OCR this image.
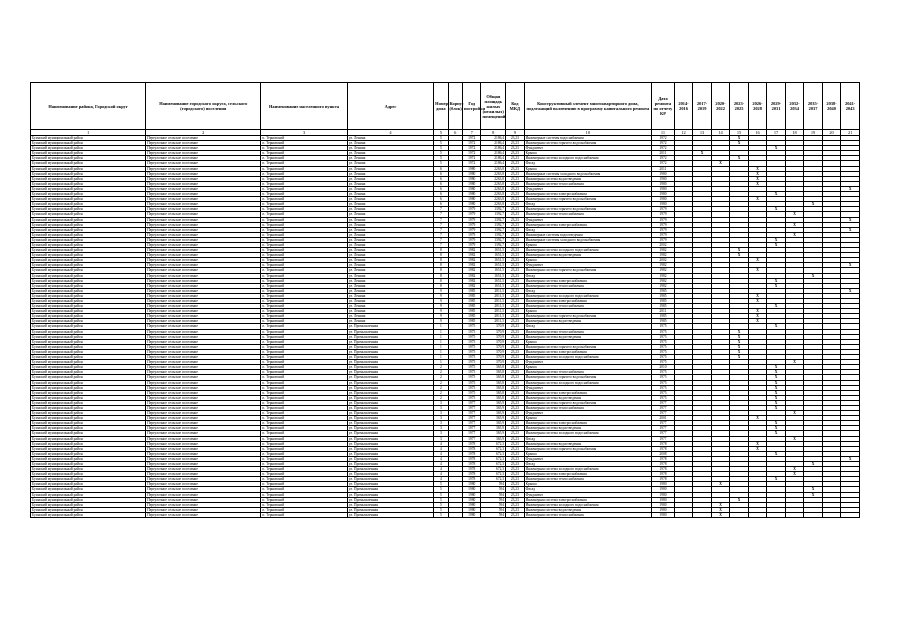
Наименование района, Городской округ	Наименование городского округа, сельского (городского) поселения	Наименование населенного пункта	Адрес	Номер дома	Корпус (блок)	Год постройки	Общая площадь жилых (нежилых) помещений	Код МКД	Конструктивный элемент многоквартирного дома, подлежащий включению в программу капитального ремонта	Дата ремонта по отчету КР	2014-2016	2017-2019	2020-2022	2023-2025	2026-2028	2029-2031	2032-2034	2035-2037	2038-2040	2041-2043
1	2	3	4	5	6	7	8	9	10	11	12	13	14	15	16	17	18	19	20	21
Буинский муниципальный район	Переулочное сельское поселение	п. Терновский	ул. Ленина	5		1972	2186,4	23,23	Инженерные системы водоснабжения	1972				X						
Буинский муниципальный район	Переулочное сельское поселение	п. Терновский	ул. Ленина	5		1972	2186,4	23,23	Инженерная система горячего водоснабжения	1972				X						
Буинский муниципальный район	Переулочное сельское поселение	п. Терновский	ул. Ленина	5		1972	2186,4	23,23	Фундамент	1972						X				
Буинский муниципальный район	Переулочное сельское поселение	п. Терновский	ул. Ленина	5		1972	2186,4	23,23	Крыша	2011		X								
Буинский муниципальный район	Переулочное сельское поселение	п. Терновский	ул. Ленина	5		1972	2186,4	23,23	Инженерная система холодного водоснабжения	1972				X						
Буинский муниципальный район	Переулочное сельское поселение	п. Терновский	ул. Ленина	5		1972	2186,4	23,23	Фасад	1972			X							
Буинский муниципальный район	Переулочное сельское поселение	п. Терновский	ул. Ленина	6		1980	2263,8	23,23	Крыша	2011					X					
Буинский муниципальный район	Переулочное сельское поселение	п. Терновский	ул. Ленина	6		1980	2263,8	23,23	Инженерные системы холодного водоснабжения	1980					X					
Буинский муниципальный район	Переулочное сельское поселение	п. Терновский	ул. Ленина	6		1980	2263,8	23,23	Инженерная система водоотведения	1980					X					
Буинский муниципальный район	Переулочное сельское поселение	п. Терновский	ул. Ленина	6		1980	2263,8	23,23	Инженерная система теплоснабжения	1980					X					
Буинский муниципальный район	Переулочное сельское поселение	п. Терновский	ул. Ленина	6		1980	2263,8	23,23	Фундамент	1980										X
Буинский муниципальный район	Переулочное сельское поселение	п. Терновский	ул. Ленина	6		1980	2263,8	23,23	Инженерная система электроснабжения	1980						X				
Буинский муниципальный район	Переулочное сельское поселение	п. Терновский	ул. Ленина	6		1980	2263,8	23,23	Инженерная система горячего водоснабжения	1980					X					
Буинский муниципальный район	Переулочное сельское поселение	п. Терновский	ул. Ленина	6		1980	2263,8	23,23	Фасад	1980								X		
Буинский муниципальный район	Переулочное сельское поселение	п. Терновский	ул. Ленина	7		1979	1392,7	23,23	Инженерная система горячего водоснабжения	1979						X				
Буинский муниципальный район	Переулочное сельское поселение	п. Терновский	ул. Ленина	7		1979	1392,7	23,23	Инженерная система теплоснабжения	1979							X			
Буинский муниципальный район	Переулочное сельское поселение	п. Терновский	ул. Ленина	7		1979	1392,7	23,23	Фундамент	1979										X
Буинский муниципальный район	Переулочное сельское поселение	п. Терновский	ул. Ленина	7		1979	1392,7	23,23	Инженерная система электроснабжения	1979							X			
Буинский муниципальный район	Переулочное сельское поселение	п. Терновский	ул. Ленина	7		1979	1392,7	23,23	Фасад	1979										X
Буинский муниципальный район	Переулочное сельское поселение	п. Терновский	ул. Ленина	7		1979	1392,7	23,23	Инженерные системы водоотведения	1979							X			
Буинский муниципальный район	Переулочное сельское поселение	п. Терновский	ул. Ленина	7		1979	1392,7	23,23	Инженерные системы холодного водоснабжения	1979						X				
Буинский муниципальный район	Переулочное сельское поселение	п. Терновский	ул. Ленина	7		1979	1392,7	23,23	Крыша	2002						X				
Буинский муниципальный район	Переулочное сельское поселение	п. Терновский	ул. Ленина	8		1982	1651,5	23,23	Инженерная система холодного водоснабжения	1982				X						
Буинский муниципальный район	Переулочное сельское поселение	п. Терновский	ул. Ленина	8		1982	1651,5	23,23	Инженерная система водоотведения	1982				X						
Буинский муниципальный район	Переулочное сельское поселение	п. Терновский	ул. Ленина	8		1982	1651,5	23,23	Крыша	2002					X					
Буинский муниципальный район	Переулочное сельское поселение	п. Терновский	ул. Ленина	8		1982	1651,5	23,23	Фундамент	1982										X
Буинский муниципальный район	Переулочное сельское поселение	п. Терновский	ул. Ленина	8		1982	1651,5	23,23	Инженерная система горячего водоснабжения	1982					X					
Буинский муниципальный район	Переулочное сельское поселение	п. Терновский	ул. Ленина	8		1982	1651,5	23,23	Фасад	1982								X		
Буинский муниципальный район	Переулочное сельское поселение	п. Терновский	ул. Ленина	8		1982	1651,5	23,23	Инженерная система электроснабжения	1982						X				
Буинский муниципальный район	Переулочное сельское поселение	п. Терновский	ул. Ленина	8		1982	1651,5	23,23	Инженерная система теплоснабжения	1982						X				
Буинский муниципальный район	Переулочное сельское поселение	п. Терновский	ул. Ленина	9		1985	2811,5	23,23	Фасад	1985										X
Буинский муниципальный район	Переулочное сельское поселение	п. Терновский	ул. Ленина	9		1985	2811,5	23,23	Инженерная система холодного водоснабжения	1985					X					
Буинский муниципальный район	Переулочное сельское поселение	п. Терновский	ул. Ленина	9		1985	2811,5	23,23	Инженерная система электроснабжения	1985					X					
Буинский муниципальный район	Переулочное сельское поселение	п. Терновский	ул. Ленина	9		1985	2811,5	23,23	Инженерная система теплоснабжения	1985						X				
Буинский муниципальный район	Переулочное сельское поселение	п. Терновский	ул. Ленина	9		1985	2811,5	23,23	Крыша	2011					X					
Буинский муниципальный район	Переулочное сельское поселение	п. Терновский	ул. Ленина	9		1985	2811,5	23,23	Инженерная система горячего водоснабжения	1985					X					
Буинский муниципальный район	Переулочное сельское поселение	п. Терновский	ул. Ленина	9		1985	2811,5	23,23	Инженерная система водоотведения	1985					X					
Буинский муниципальный район	Переулочное сельское поселение	п. Терновский	ул. Промышленная	1		1975	370,9	23,23	Фасад	1975						X				
Буинский муниципальный район	Переулочное сельское поселение	п. Терновский	ул. Промышленная	1		1975	370,9	23,23	Инженерная система теплоснабжения	1975				X						
Буинский муниципальный район	Переулочное сельское поселение	п. Терновский	ул. Промышленная	1		1975	370,9	23,23	Инженерная система водоотведения	1975				X						
Буинский муниципальный район	Переулочное сельское поселение	п. Терновский	ул. Промышленная	1		1975	370,9	23,23	Крыша	1975				X						
Буинский муниципальный район	Переулочное сельское поселение	п. Терновский	ул. Промышленная	1		1975	370,9	23,23	Инженерная система горячего водоснабжения	1975				X						
Буинский муниципальный район	Переулочное сельское поселение	п. Терновский	ул. Промышленная	1		1975	370,9	23,23	Инженерная система электроснабжения	1975				X						
Буинский муниципальный район	Переулочное сельское поселение	п. Терновский	ул. Промышленная	1		1975	370,9	23,23	Инженерная система холодного водоснабжения	1975				X						
Буинский муниципальный район	Переулочное сельское поселение	п. Терновский	ул. Промышленная	1		1975	370,9	23,23	Фундамент	1975							X			
Буинский муниципальный район	Переулочное сельское поселение	п. Терновский	ул. Промышленная	2		1975	365,8	23,23	Крыша	2010						X				
Буинский муниципальный район	Переулочное сельское поселение	п. Терновский	ул. Промышленная	2		1975	365,8	23,23	Инженерная система теплоснабжения	1975						X				
Буинский муниципальный район	Переулочное сельское поселение	п. Терновский	ул. Промышленная	2		1975	365,8	23,23	Инженерная система горячего водоснабжения	1975						X				
Буинский муниципальный район	Переулочное сельское поселение	п. Терновский	ул. Промышленная	2		1975	365,8	23,23	Инженерная система холодного водоснабжения	1975						X				
Буинский муниципальный район	Переулочное сельское поселение	п. Терновский	ул. Промышленная	2		1975	365,8	23,23	Фундамент	1975						X				
Буинский муниципальный район	Переулочное сельское поселение	п. Терновский	ул. Промышленная	2		1975	365,8	23,23	Инженерная система электроснабжения	1975						X				
Буинский муниципальный район	Переулочное сельское поселение	п. Терновский	ул. Промышленная	2		1975	365,8	23,23	Инженерная система водоотведения	1975						X				
Буинский муниципальный район	Переулочное сельское поселение	п. Терновский	ул. Промышленная	3		1977	365,9	23,23	Инженерная система горячего водоснабжения	1977						X				
Буинский муниципальный район	Переулочное сельское поселение	п. Терновский	ул. Промышленная	3		1977	365,9	23,23	Инженерная система теплоснабжения	1977						X				
Буинский муниципальный район	Переулочное сельское поселение	п. Терновский	ул. Промышленная	3		1977	365,9	23,23	Фундамент	1977							X			
Буинский муниципальный район	Переулочное сельское поселение	п. Терновский	ул. Промышленная	3		1977	365,9	23,23	Крыша	2001					X					
Буинский муниципальный район	Переулочное сельское поселение	п. Терновский	ул. Промышленная	3		1977	365,9	23,23	Инженерная система электроснабжения	1977						X				
Буинский муниципальный район	Переулочное сельское поселение	п. Терновский	ул. Промышленная	3		1977	365,9	23,23	Инженерная система водоотведения	1977						X				
Буинский муниципальный район	Переулочное сельское поселение	п. Терновский	ул. Промышленная	3		1977	365,9	23,23	Инженерная система холодного водоснабжения	1977						X				
Буинский муниципальный район	Переулочное сельское поселение	п. Терновский	ул. Промышленная	3		1977	365,9	23,23	Фасад	1977							X			
Буинский муниципальный район	Переулочное сельское поселение	п. Терновский	ул. Промышленная	4		1978	672,3	23,23	Инженерная система водоотведения	1978					X					
Буинский муниципальный район	Переулочное сельское поселение	п. Терновский	ул. Промышленная	4		1978	672,3	23,23	Инженерная система горячего водоснабжения	1978					X					
Буинский муниципальный район	Переулочное сельское поселение	п. Терновский	ул. Промышленная	4		1978	672,3	23,23	Крыша	2008						X				
Буинский муниципальный район	Переулочное сельское поселение	п. Терновский	ул. Промышленная	4		1978	672,3	23,23	Фундамент	1978										X
Буинский муниципальный район	Переулочное сельское поселение	п. Терновский	ул. Промышленная	4		1978	672,3	23,23	Фасад	1978								X		
Буинский муниципальный район	Переулочное сельское поселение	п. Терновский	ул. Промышленная	4		1978	672,3	23,23	Инженерная система холодного водоснабжения	1978							X			
Буинский муниципальный район	Переулочное сельское поселение	п. Терновский	ул. Промышленная	4		1978	672,3	23,23	Инженерная система электроснабжения	1978							X			
Буинский муниципальный район	Переулочное сельское поселение	п. Терновский	ул. Промышленная	4		1978	672,3	23,23	Инженерная система теплоснабжения	1978						X				
Буинский муниципальный район	Переулочное сельское поселение	п. Терновский	ул. Промышленная	5		1980	594	23,23	Крыша	1980			X							
Буинский муниципальный район	Переулочное сельское поселение	п. Терновский	ул. Промышленная	5		1980	594	23,23	Фасад	1980								X		
Буинский муниципальный район	Переулочное сельское поселение	п. Терновский	ул. Промышленная	5		1980	594	23,23	Фундамент	1980								X		
Буинский муниципальный район	Переулочное сельское поселение	п. Терновский	ул. Промышленная	5		1980	594	23,23	Инженерная система электроснабжения	1980				X						
Буинский муниципальный район	Переулочное сельское поселение	п. Терновский	ул. Промышленная	5		1980	594	23,23	Инженерная система холодного водоснабжения	1980			X							
Буинский муниципальный район	Переулочное сельское поселение	п. Терновский	ул. Промышленная	5		1980	594	23,23	Инженерная система водоотведения	1980			X							
Буинский муниципальный район	Переулочное сельское поселение	п. Терновский	ул. Промышленная	5		1980	594	23,23	Инженерная система теплоснабжения	1980			X							
